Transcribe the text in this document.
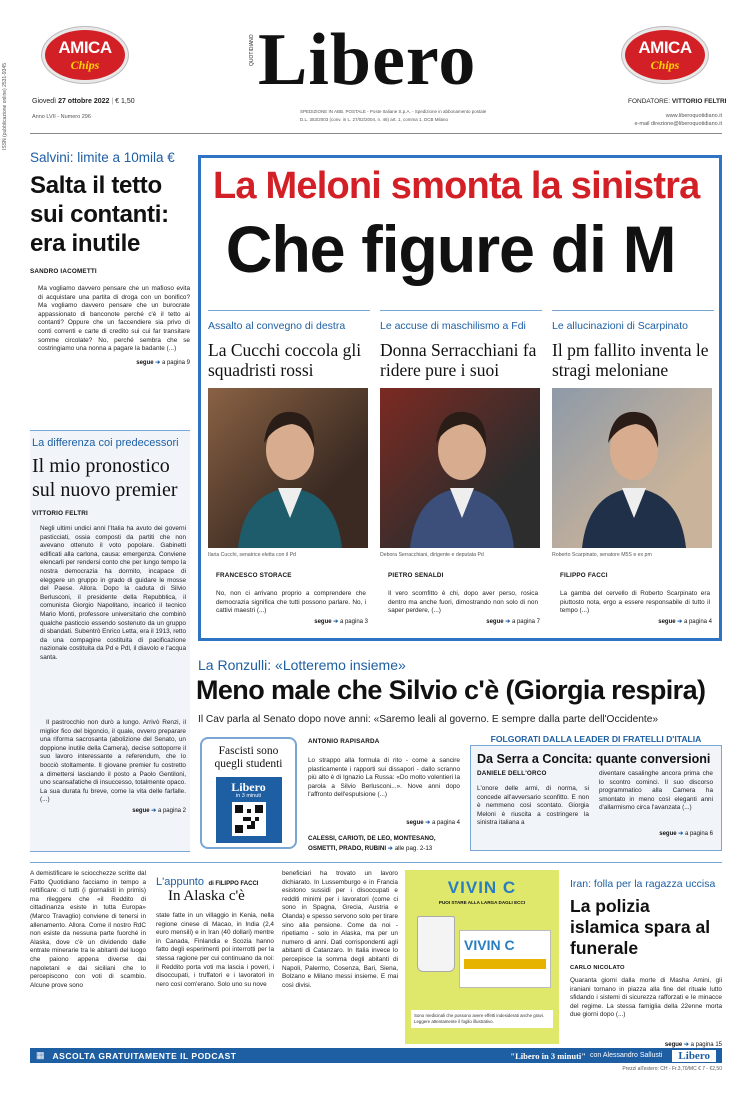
ISSN (pubblicazione online) 2531-9345
AMICA
Chips
AMICA
Chips
QUOTIDIANO Libero
Giovedì 27 ottobre 2022 | € 1,50
Anno LVII - Numero 296
SPEDIZIONE IN ABB. POSTALE - Poste Italiane S.p.A. - Spedizione in abbonamento postale
D.L. 353/2003 (conv. in L. 27/02/2004, n. 46) art. 1, comma 1, DCB Milano
FONDATORE: VITTORIO FELTRI
www.liberoquotidiano.it
e-mail direzione@liberoquotidiano.it
Salvini: limite a 10mila €
Salta il tetto sui contanti: era inutile
SANDRO IACOMETTI
Ma vogliamo davvero pensare che un mafioso evita di acquistare una partita di droga con un bonifico? Ma vogliamo davvero pensare che un burocrate appassionato di banconote perché c'è il tetto ai contanti? Oppure che un faccendiere sia privo di conti correnti e carte di credito sui cui far transitare somme circolate? No, perché sembra che se costringiamo una nonna a pagare la badante (...)
segue ➔ a pagina 9
La differenza coi predecessori
Il mio pronostico sul nuovo premier
VITTORIO FELTRI
Negli ultimi undici anni l'Italia ha avuto dei governi pasticciati, ossia composti da partiti che non avevano ottenuto il voto popolare. Gabinetti edificati alla carlona, causa: emergenza. Conviene elencarli per rendersi conto che per lungo tempo la nostra democrazia ha dormito, incapace di eleggere un gruppo in grado di guidare le mosse del Paese. Allora. Dopo la caduta di Silvio Berlusconi, il presidente della Repubblica, il comunista Giorgio Napolitano, incaricò il tecnico Mario Monti, professore universitario che combinò qualche pasticcio essendo sostenuto da un gruppo di sbandati. Subentrò Enrico Letta, era il 1913, retto da una compagine costituita di pacificazione nazionale costituita da Pd e Pdl, il diavolo e l'acqua santa.
Il pastrocchio non durò a lungo. Arrivò Renzi, il miglior fico del bigoncio, il quale, ovvero preparare una riforma sacrosanta (abolizione del Senato, un doppione inutile della Camera), decise sottoporre il suo lavoro interessante a referendum, che lo bocciò stoltamente. Il giovane premier fu costretto a dimettersi lasciando il posto a Paolo Gentiloni, uno scansafatiche di insuccesso, totalmente opaco. La sua durata fu breve, come la vita delle farfalle. (...)
segue ➔ a pagina 2
La Meloni smonta la sinistra
Che figure di M
Assalto al convegno di destra
La Cucchi coccola gli squadristi rossi
Ilaria Cucchi, senatrice eletta con il Pd
FRANCESCO STORACE
No, non ci arrivano proprio a comprendere che democrazia significa che tutti possono parlare. No, i cattivi maestri (...)
segue ➔ a pagina 3
Le accuse di maschilismo a Fdi
Donna Serracchiani fa ridere pure i suoi
Debora Serracchiani, dirigente e deputata Pd
PIETRO SENALDI
Il vero scomfitto è chi, dopo aver perso, rosica dentro ma anche fuori, dimostrando non solo di non saper perdere, (...)
segue ➔ a pagina 7
Le allucinazioni di Scarpinato
Il pm fallito inventa le stragi meloniane
Roberto Scarpinato, senatore M5S e ex pm
FILIPPO FACCI
La gamba del cervello di Roberto Scarpinato era piuttosto nota, ergo a essere responsabile di tutto il tempo (...)
segue ➔ a pagina 4
La Ronzulli: «Lotteremo insieme»
Meno male che Silvio c'è (Giorgia respira)
Il Cav parla al Senato dopo nove anni: «Saremo leali al governo. E sempre dalla parte dell'Occidente»
Fascisti sono quegli studenti
Libero
in 3 minuti
ANTONIO RAPISARDA
Lo strappo alla formula di rito - come a sancire plasticamente i rapporti sui dissapori - dallo scranno più alto è di Ignazio La Russa: «Do molto volentieri la parola a Silvio Berlusconi...». Nove anni dopo l'affronto dell'espulsione (...)
segue ➔ a pagina 4
CALESSI, CARIOTI, DE LEO, MONTESANO, OSMETTI, PRADO, RUBINI ➔ alle pag. 2-13
FOLGORATI DALLA LEADER DI FRATELLI D'ITALIA
Da Serra a Concita: quante conversioni
DANIELE DELL'ORCO
L'onore delle armi, di norma, si concede all'avversario sconfitto. E non è nemmeno così scontato. Giorgia Meloni è riuscita a costringere la sinistra italiana a
diventare casalinghe ancora prima che lo scontro cominci. Il suo discorso programmatico alla Camera ha smontato in meno così eleganti anni d'allarmismo circa l'avanzata (...)
segue ➔ a pagina 6
A demistificare le sciocchezze scritte dal Fatto Quotidiano facciamo in tempo a rettificare: ci tutti (i giornalisti in primis) ma rileggere che «il Reddito di cittadinanza esiste in tutta Europa» (Marco Travaglio) conviene di tenersi in allenamento. Allora. Come il nostro RdC non esiste da nessuna parte fuorché in Alaska, dove c'è un dividendo dalle entrate minerarie tra le abitanti del luogo che paiono appena diverse dai napoletani e dai siciliani che lo percepiscono con voti di scambio. Alcune prove sono
L'appunto di FILIPPO FACCI
In Alaska c'è
state fatte in un villaggio in Kenia, nella regione cinese di Macao, in India (2,4 euro mensili) e in Iran (40 dollari) mentre in Canada, Finlandia e Scozia hanno fatto degli esperimenti poi interrotti per la stessa ragione per cui continuano da noi: il Reddito porta voti ma lascia i poveri, i disoccupati, i truffatori e i lavoratori in nero così com'erano. Solo uno su nove
beneficiari ha trovato un lavoro dichiarato. In Lussemburgo e in Francia esistono sussidi per i disoccupati e redditi minimi per i lavoratori (come ci sono in Spagna, Grecia, Austria e Olanda) e spesso servono solo per tirare sino alla pensione. Come da noi - ripetiamo - solo in Alaska, ma per un numero di anni. Dati corrispondenti agli abitanti di Catanzaro. In Italia invece lo percepisce la somma degli abitanti di Napoli, Palermo, Cosenza, Bari, Siena, Bolzano e Milano messi insieme. E mai così divisi.
VIVIN C
PUOI STARE ALLA LARGA DAGLI ECCI
VIVIN C
Sono medicinali che possono avere effetti indesiderati anche gravi. Leggere attentamente il foglio illustrativo.
Iran: folla per la ragazza uccisa
La polizia islamica spara al funerale
CARLO NICOLATO
Quaranta giorni dalla morte di Masha Amini, gli iraniani tornano in piazza alla fine del rituale lutto sfidando i sistemi di sicurezza rafforzati e le minacce del regime. La stessa famiglia della 22enne morta due giorni dopo (...)
segue ➔ a pagina 15
▦ ASCOLTA GRATUITAMENTE IL PODCAST	"Libero in 3 minuti" con Alessandro Sallusti	Libero
Prezzi all'estero: CH - Fr.3,70/MC € 7 - €2,50
